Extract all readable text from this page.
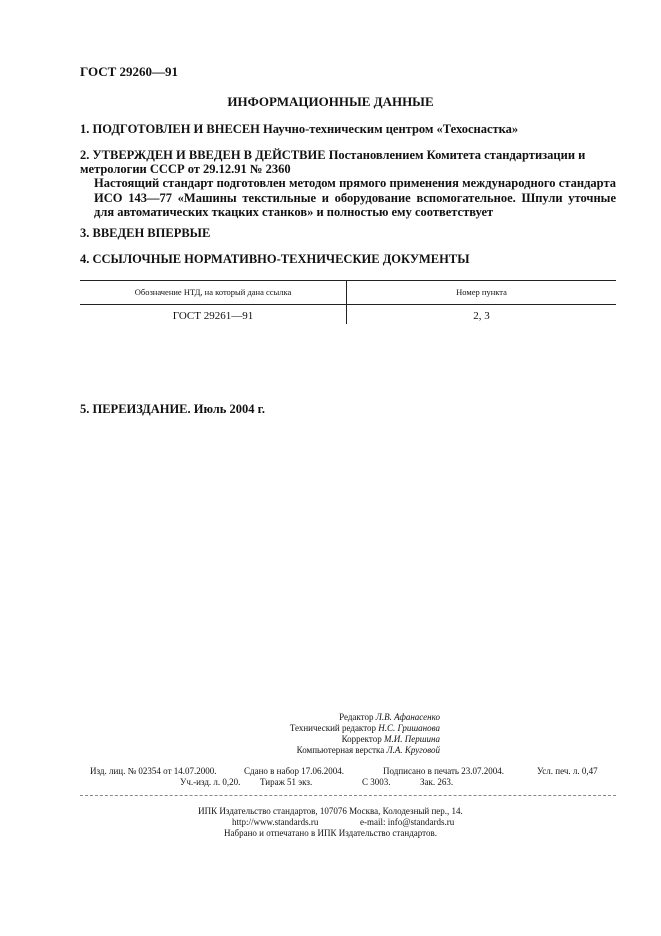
ГОСТ 29260—91
ИНФОРМАЦИОННЫЕ ДАННЫЕ
1. ПОДГОТОВЛЕН И ВНЕСЕН Научно-техническим центром «Техоснастка»
2. УТВЕРЖДЕН И ВВЕДЕН В ДЕЙСТВИЕ Постановлением Комитета стандартизации и метрологии СССР от 29.12.91 № 2360
Настоящий стандарт подготовлен методом прямого применения международного стандарта ИСО 143—77 «Машины текстильные и оборудование вспомогательное. Шпули уточные для автоматических ткацких станков» и полностью ему соответствует
3. ВВЕДЕН ВПЕРВЫЕ
4. ССЫЛОЧНЫЕ НОРМАТИВНО-ТЕХНИЧЕСКИЕ ДОКУМЕНТЫ
Обозначение НТД, на который дана ссылка	Номер пункта
ГОСТ 29261—91	2, 3
5. ПЕРЕИЗДАНИЕ. Июль 2004 г.
Редактор Л.В. Афанасенко
Технический редактор Н.С. Гришанова
Корректор М.И. Першина
Компьютерная верстка Л.А. Круговой
Изд. лиц. № 02354 от 14.07.2000.	Сдано в набор 17.06.2004.	Подписано в печать 23.07.2004.	Усл. печ. л. 0,47
Уч.-изд. л. 0,20. Тираж 51 экз.	С 3003.	Зак. 263.
ИПК Издательство стандартов, 107076 Москва, Колодезный пер., 14.
http://www.standards.ru	e-mail: info@standards.ru
Набрано и отпечатано в ИПК Издательство стандартов.
